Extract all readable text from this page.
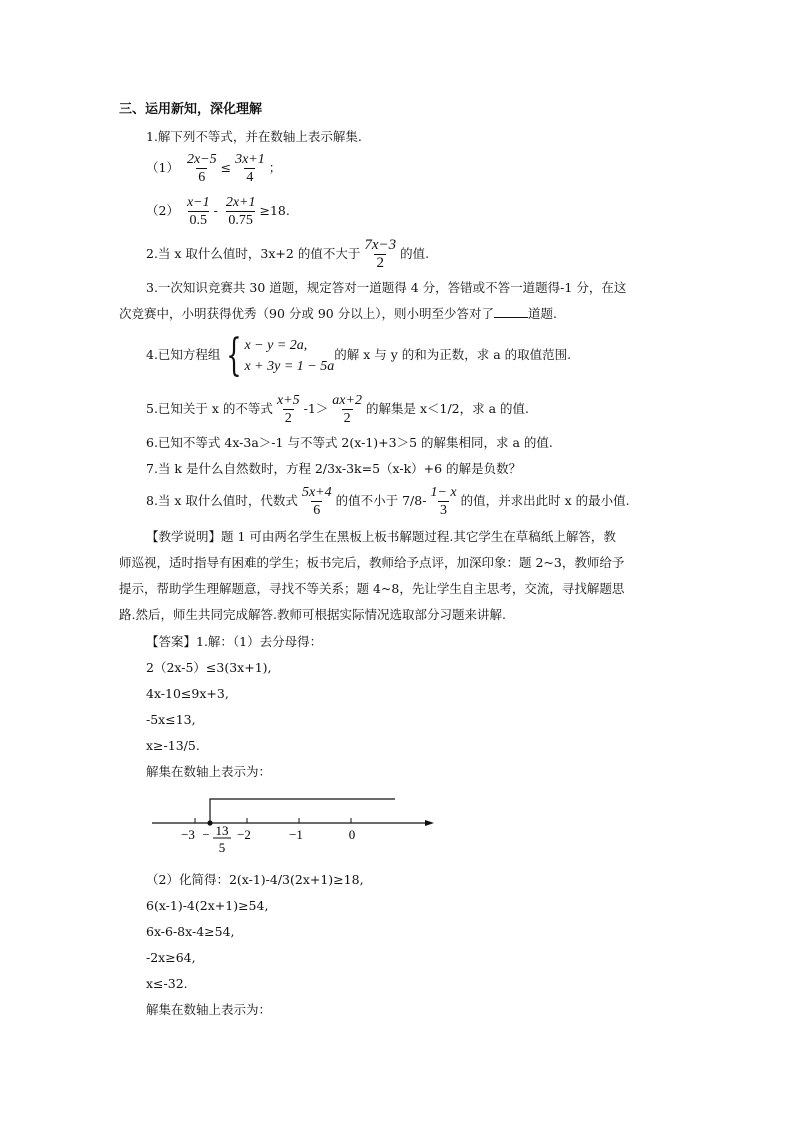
三、运用新知，深化理解
1.解下列不等式，并在数轴上表示解集.
$(1) \frac{2x-5}{6} \le \frac{3x+1}{4}$ ；
$(2) \frac{x-1}{0.5} - \frac{2x+1}{0.75} \ge 18$.
2.当 x 取什么值时，3x+2 的值不大于 $\frac{7x-3}{2}$ 的值.
3.一次知识竞赛共 30 道题，规定答对一道题得 4 分，答错或不答一道题得-1 分，在这
次竞赛中，小明获得优秀（90 分或 90 分以上），则小明至少答对了	道题.
4.已知方程组 { x − y = 2a,
x + 3y = 1 − 5a
的解 x 与 y 的和为正数，求 a 的取值范围.
5.已知关于 x 的不等式 $\frac{x+5}{2} -1> \frac{ax+2}{2}$ 的解集是 x＜1/2，求 a 的值.
6.已知不等式 4x-3a＞-1 与不等式 2(x-1)+3＞5 的解集相同，求 a 的值.
7.当 k 是什么自然数时，方程 2/3x-3k=5（x-k）+6 的解是负数？
8.当 x 取什么值时，代数式 $\frac{5x+4}{6}$ 的值不小于 $7/8- \frac{1- x}{3}$ 的值，并求出此时 x 的最小值.
【教学说明】题 1 可由两名学生在黑板上板书解题过程.其它学生在草稿纸上解答，教
师巡视，适时指导有困难的学生；板书完后，教师给予点评，加深印象：题 2~3，教师给予
提示，帮助学生理解题意，寻找不等关系；题 4~8，先让学生自主思考，交流，寻找解题思
路.然后，师生共同完成解答.教师可根据实际情况选取部分习题来讲解.
【答案】1.解：（1）去分母得：
2（2x-5）≤3(3x+1),
4x-10≤9x+3,
-5x≤13,
x≥-13/5.
解集在数轴上表示为：
−3	−2	−1	0
− 13
5
（2）化简得：2(x-1)-4/3(2x+1)≥18,
6(x-1)-4(2x+1)≥54,
6x-6-8x-4≥54,
-2x≥64,
x≤-32.
解集在数轴上表示为：
